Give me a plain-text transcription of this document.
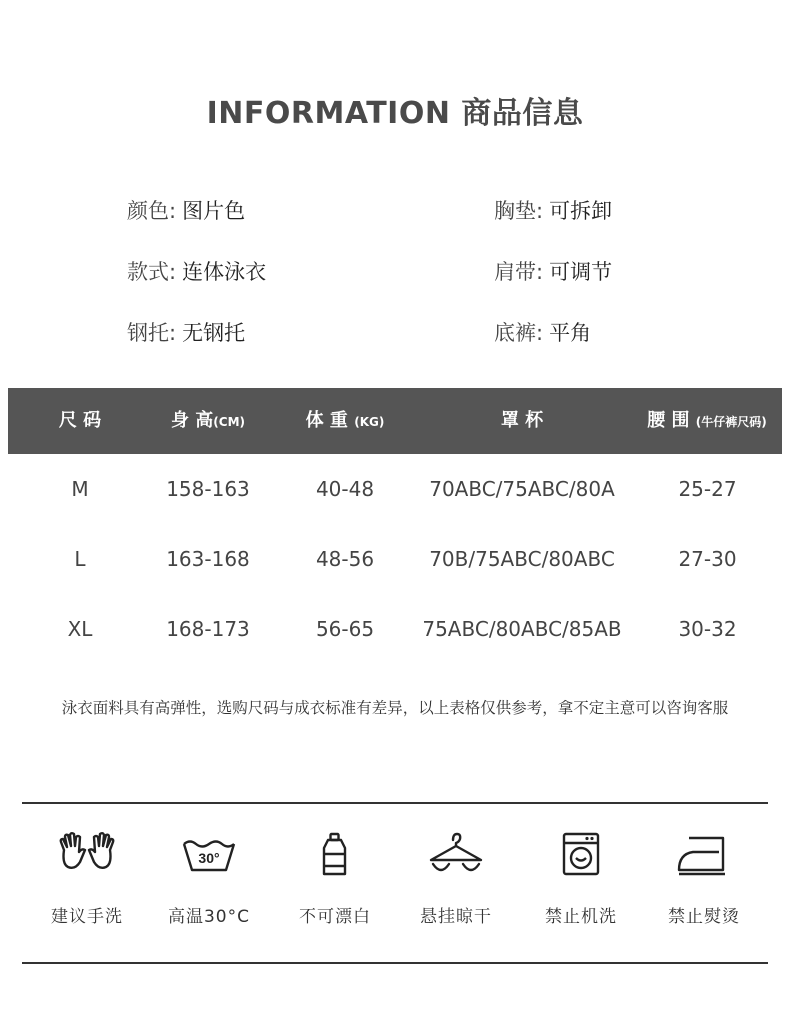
INFORMATION 商品信息
颜色: 图片色	胸垫: 可拆卸
款式: 连体泳衣	肩带: 可调节
钢托: 无钢托	底裤: 平角
尺 码	身 高(CM)	体 重 (KG)	罩 杯	腰 围 (牛仔裤尺码)
M	158-163	40-48	70ABC/75ABC/80A	25-27
L	163-168	48-56	70B/75ABC/80ABC	27-30
XL	168-173	56-65	75ABC/80ABC/85AB	30-32
泳衣面料具有高弹性，选购尺码与成衣标准有差异，以上表格仅供参考，拿不定主意可以咨询客服
建议手洗
30°
高温30°C	不可漂白	悬挂晾干	禁止机洗	禁止熨烫
